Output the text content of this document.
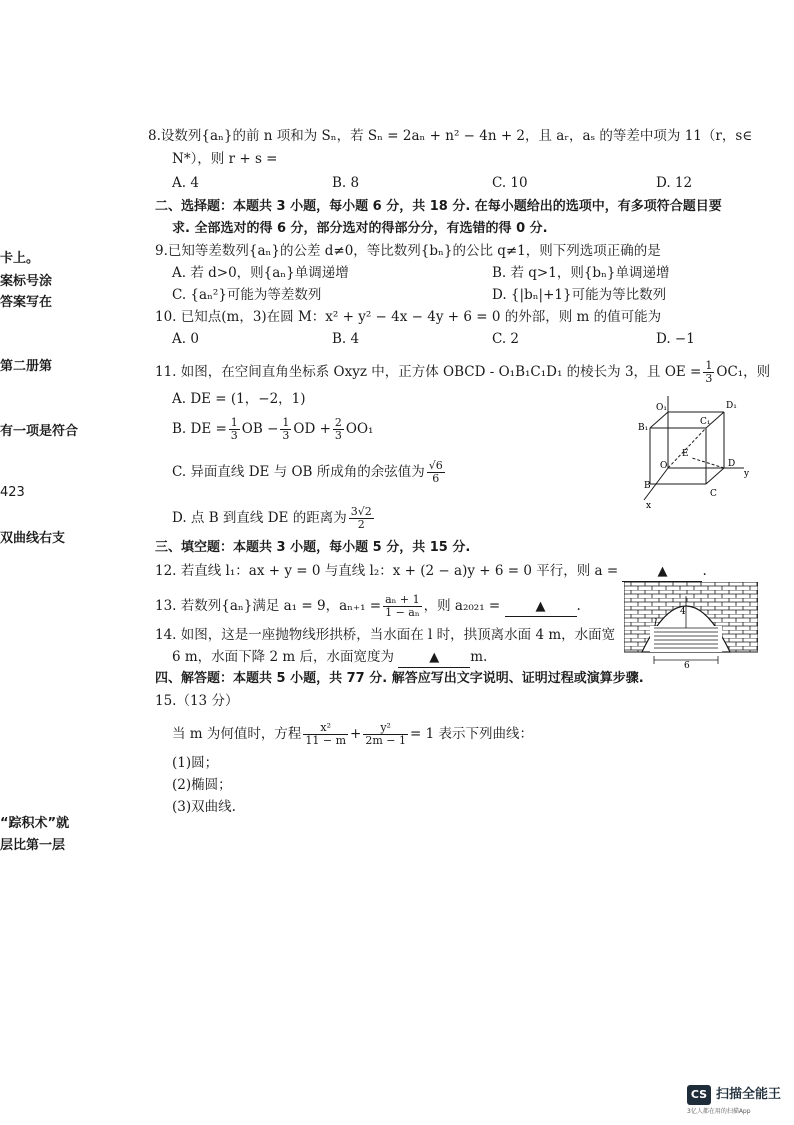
卡上。
案标号涂
答案写在
第二册第
有一项是符合
423
双曲线右支
“踪积术”就
层比第一层
8.设数列{aₙ}的前 n 项和为 Sₙ，若 Sₙ = 2aₙ + n² − 4n + 2，且 aᵣ，aₛ 的等差中项为 11（r，s∈
N*），则 r + s =
A. 4	B. 8	C. 10	D. 12
二、选择题：本题共 3 小题，每小题 6 分，共 18 分. 在每小题给出的选项中，有多项符合题目要
求. 全部选对的得 6 分，部分选对的得部分分，有选错的得 0 分.
9.已知等差数列{aₙ}的公差 d≠0，等比数列{bₙ}的公比 q≠1，则下列选项正确的是
A. 若 d>0，则{aₙ}单调递增	B. 若 q>1，则{bₙ}单调递增
C. {aₙ²}可能为等差数列	D. {|bₙ|+1}可能为等比数列
10. 已知点(m，3)在圆 M：x² + y² − 4x − 4y + 6 = 0 的外部，则 m 的值可能为
A. 0	B. 4	C. 2	D. −1
11. 如图，在空间直角坐标系 Oxyz 中，正方体 OBCD - O₁B₁C₁D₁ 的棱长为 3，且 OE = $\frac{1}{3} OC_1$，则
A. DE = (1，−2，1)
B. DE = $\frac{1}{3}$ OB − $\frac{1}{3}$ OD + $\frac{2}{3} OO_1$
C. 异面直线 DE 与 OB 所成角的余弦值为 $\frac{√6}{6}$
D. 点 B 到直线 DE 的距离为 $\frac{3√2}{2}$
O₁	D₁
B₁
C₁
E
O	D
y
B
C
x
三、填空题：本题共 3 小题，每小题 5 分，共 15 分.
12. 若直线 l₁：ax + y = 0 与直线 l₂：x + (2 − a)y + 6 = 0 平行，则 a =	▲	.
13. 若数列{aₙ}满足 a₁ = 9，$a_{n+1} = \frac{\text{aₙ + 1}}{\text{1 − aₙ}}$ ，则 a₂₀₂₁ =	▲ .
14. 如图，这是一座抛物线形拱桥，当水面在 l 时，拱顶离水面 4 m，水面宽
6 m，水面下降 2 m 后，水面宽度为	▲ m.
4
l
6
四、解答题：本题共 5 小题，共 77 分. 解答应写出文字说明、证明过程或演算步骤.
15.（13 分）
当 m 为何值时，方程 $\frac{\text{x²}}{11 - m} + \frac{\text{y²}}{2m - 1} = 1$ 表示下列曲线：
(1)圆；
(2)椭圆；
(3)双曲线.
CS 扫描全能王
3亿人都在用的扫描App
